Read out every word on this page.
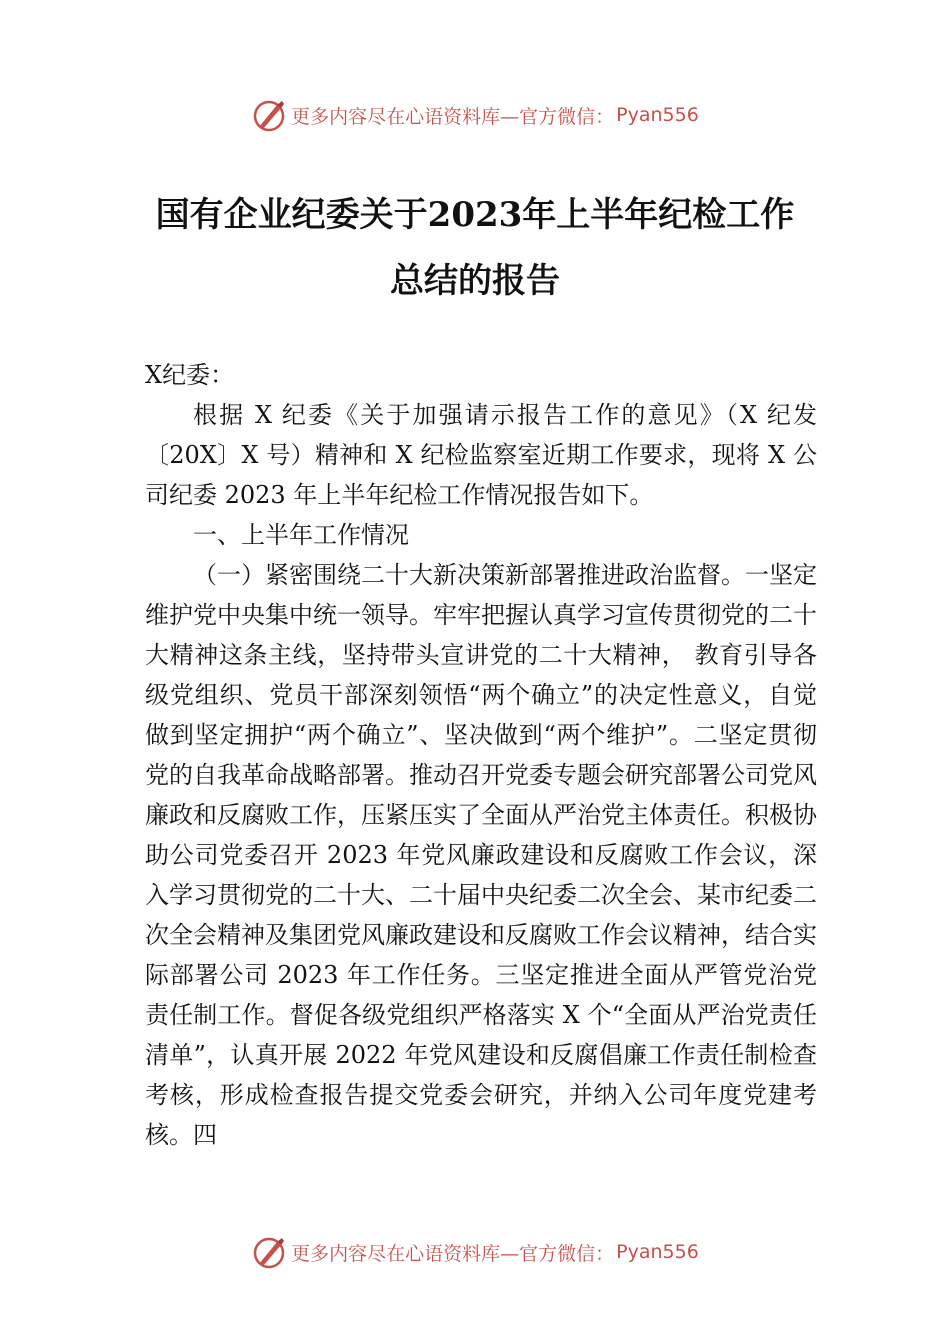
更多内容尽在心语资料库—官方微信： Pyan556
国有企业纪委关于2023年上半年纪检工作
总结的报告

X纪委：

根据 X 纪委《关于加强请示报告工作的意见》（X 纪发〔20X〕X 号）精神和 X 纪检监察室近期工作要求，现将 X 公司纪委 2023 年上半年纪检工作情况报告如下。

一、上半年工作情况

（一）紧密围绕二十大新决策新部署推进政治监督。一坚定维护党中央集中统一领导。牢牢把握认真学习宣传贯彻党的二十大精神这条主线，坚持带头宣讲党的二十大精神， 教育引导各级党组织、党员干部深刻领悟“两个确立”的决定性意义，自觉做到坚定拥护“两个确立”、坚决做到“两个维护”。二坚定贯彻党的自我革命战略部署。推动召开党委专题会研究部署公司党风廉政和反腐败工作，压紧压实了全面从严治党主体责任。积极协助公司党委召开 2023 年党风廉政建设和反腐败工作会议，深入学习贯彻党的二十大、二十届中央纪委二次全会、某市纪委二次全会精神及集团党风廉政建设和反腐败工作会议精神，结合实际部署公司 2023 年工作任务。三坚定推进全面从严管党治党责任制工作。督促各级党组织严格落实 X 个“全面从严治党责任清单”，认真开展 2022 年党风建设和反腐倡廉工作责任制检查考核，形成检查报告提交党委会研究，并纳入公司年度党建考核。四

更多内容尽在心语资料库—官方微信： Pyan556
